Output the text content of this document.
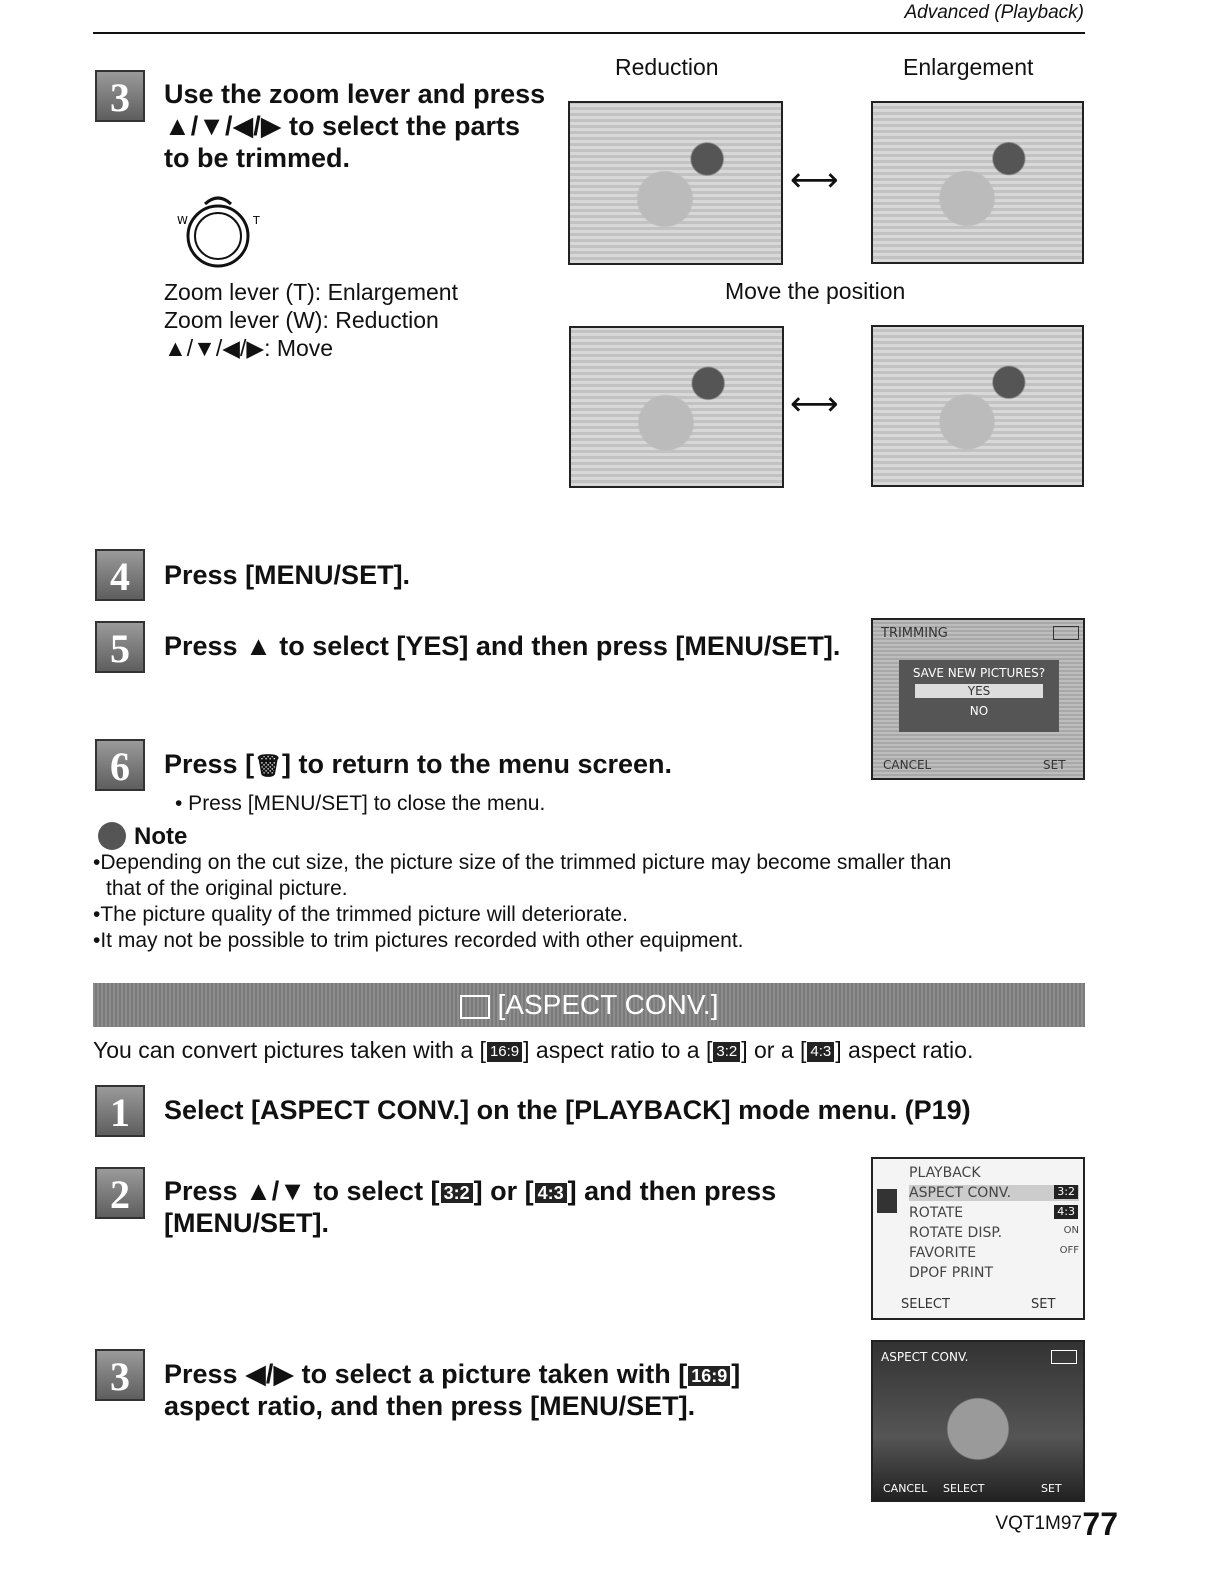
Advanced (Playback)
3	Use the zoom lever and press
▲/▼/◀/▶ to select the parts
to be trimmed.
W	T
Zoom lever (T): Enlargement
Zoom lever (W): Reduction
▲/▼/◀/▶: Move
Reduction	Enlargement
⟷
Move the position
⟷
4	Press [MENU/SET].
5	Press ▲ to select [YES] and then press [MENU/SET].	TRIMMING
SAVE NEW PICTURES?
YES
NO
CANCEL	SET
6	Press [🗑] to return to the menu screen.
• Press [MENU/SET] to close the menu.
Note
•Depending on the cut size, the picture size of the trimmed picture may become smaller than
that of the original picture.
•The picture quality of the trimmed picture will deteriorate.
•It may not be possible to trim pictures recorded with other equipment.
[ASPECT CONV.]
You can convert pictures taken with a [ 16:9 ] aspect ratio to a [ 3:2 ] or a [ 4:3 ] aspect ratio.
1	Select [ASPECT CONV.] on the [PLAYBACK] mode menu. (P19)
2	Press ▲/▼ to select [ 3:2 ] or [ 4:3 ] and then press
[MENU/SET].
PLAYBACK
ASPECT CONV.	3:2
ROTATE	4:3
ROTATE DISP.	ON
FAVORITE	OFF
DPOF PRINT
SELECT	SET
3	Press ◀/▶ to select a picture taken with [ 16:9 ]
aspect ratio, and then press [MENU/SET].
ASPECT CONV.
CANCEL SELECT	SET
VQT1M97 77
